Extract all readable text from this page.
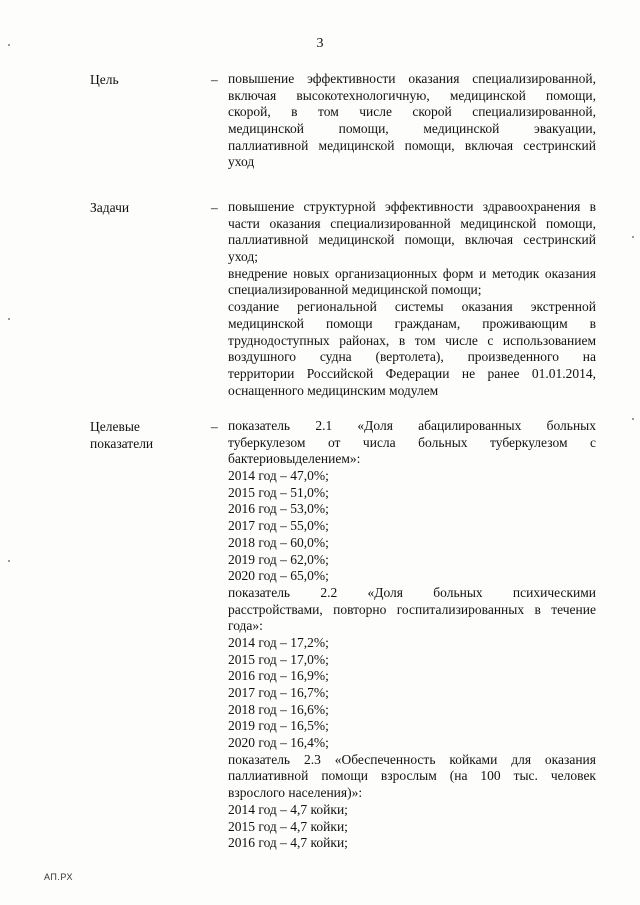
3
Цель	– повышение эффективности оказания специализированной,
включая высокотехнологичную, медицинской помощи,
скорой, в том числе скорой специализированной,
медицинской помощи, медицинской эвакуации,
паллиативной медицинской помощи, включая сестринский
уход
Задачи	– повышение структурной эффективности здравоохранения в
части оказания специализированной медицинской помощи,
паллиативной медицинской помощи, включая сестринский
уход;
внедрение новых организационных форм и методик оказания
специализированной медицинской помощи;
создание региональной системы оказания экстренной
медицинской помощи гражданам, проживающим в
труднодоступных районах, в том числе с использованием
воздушного судна (вертолета), произведенного на
территории Российской Федерации не ранее 01.01.2014,
оснащенного медицинским модулем
Целевые
показатели
– показатель 2.1 «Доля абацилированных больных
туберкулезом от числа больных туберкулезом с
бактериовыделением»:
2014 год – 47,0%;
2015 год – 51,0%;
2016 год – 53,0%;
2017 год – 55,0%;
2018 год – 60,0%;
2019 год – 62,0%;
2020 год – 65,0%;
показатель 2.2 «Доля больных психическими
расстройствами, повторно госпитализированных в течение
года»:
2014 год – 17,2%;
2015 год – 17,0%;
2016 год – 16,9%;
2017 год – 16,7%;
2018 год – 16,6%;
2019 год – 16,5%;
2020 год – 16,4%;
показатель 2.3 «Обеспеченность койками для оказания
паллиативной помощи взрослым (на 100 тыс. человек
взрослого населения)»:
2014 год – 4,7 койки;
2015 год – 4,7 койки;
2016 год – 4,7 койки;
АП.РХ
